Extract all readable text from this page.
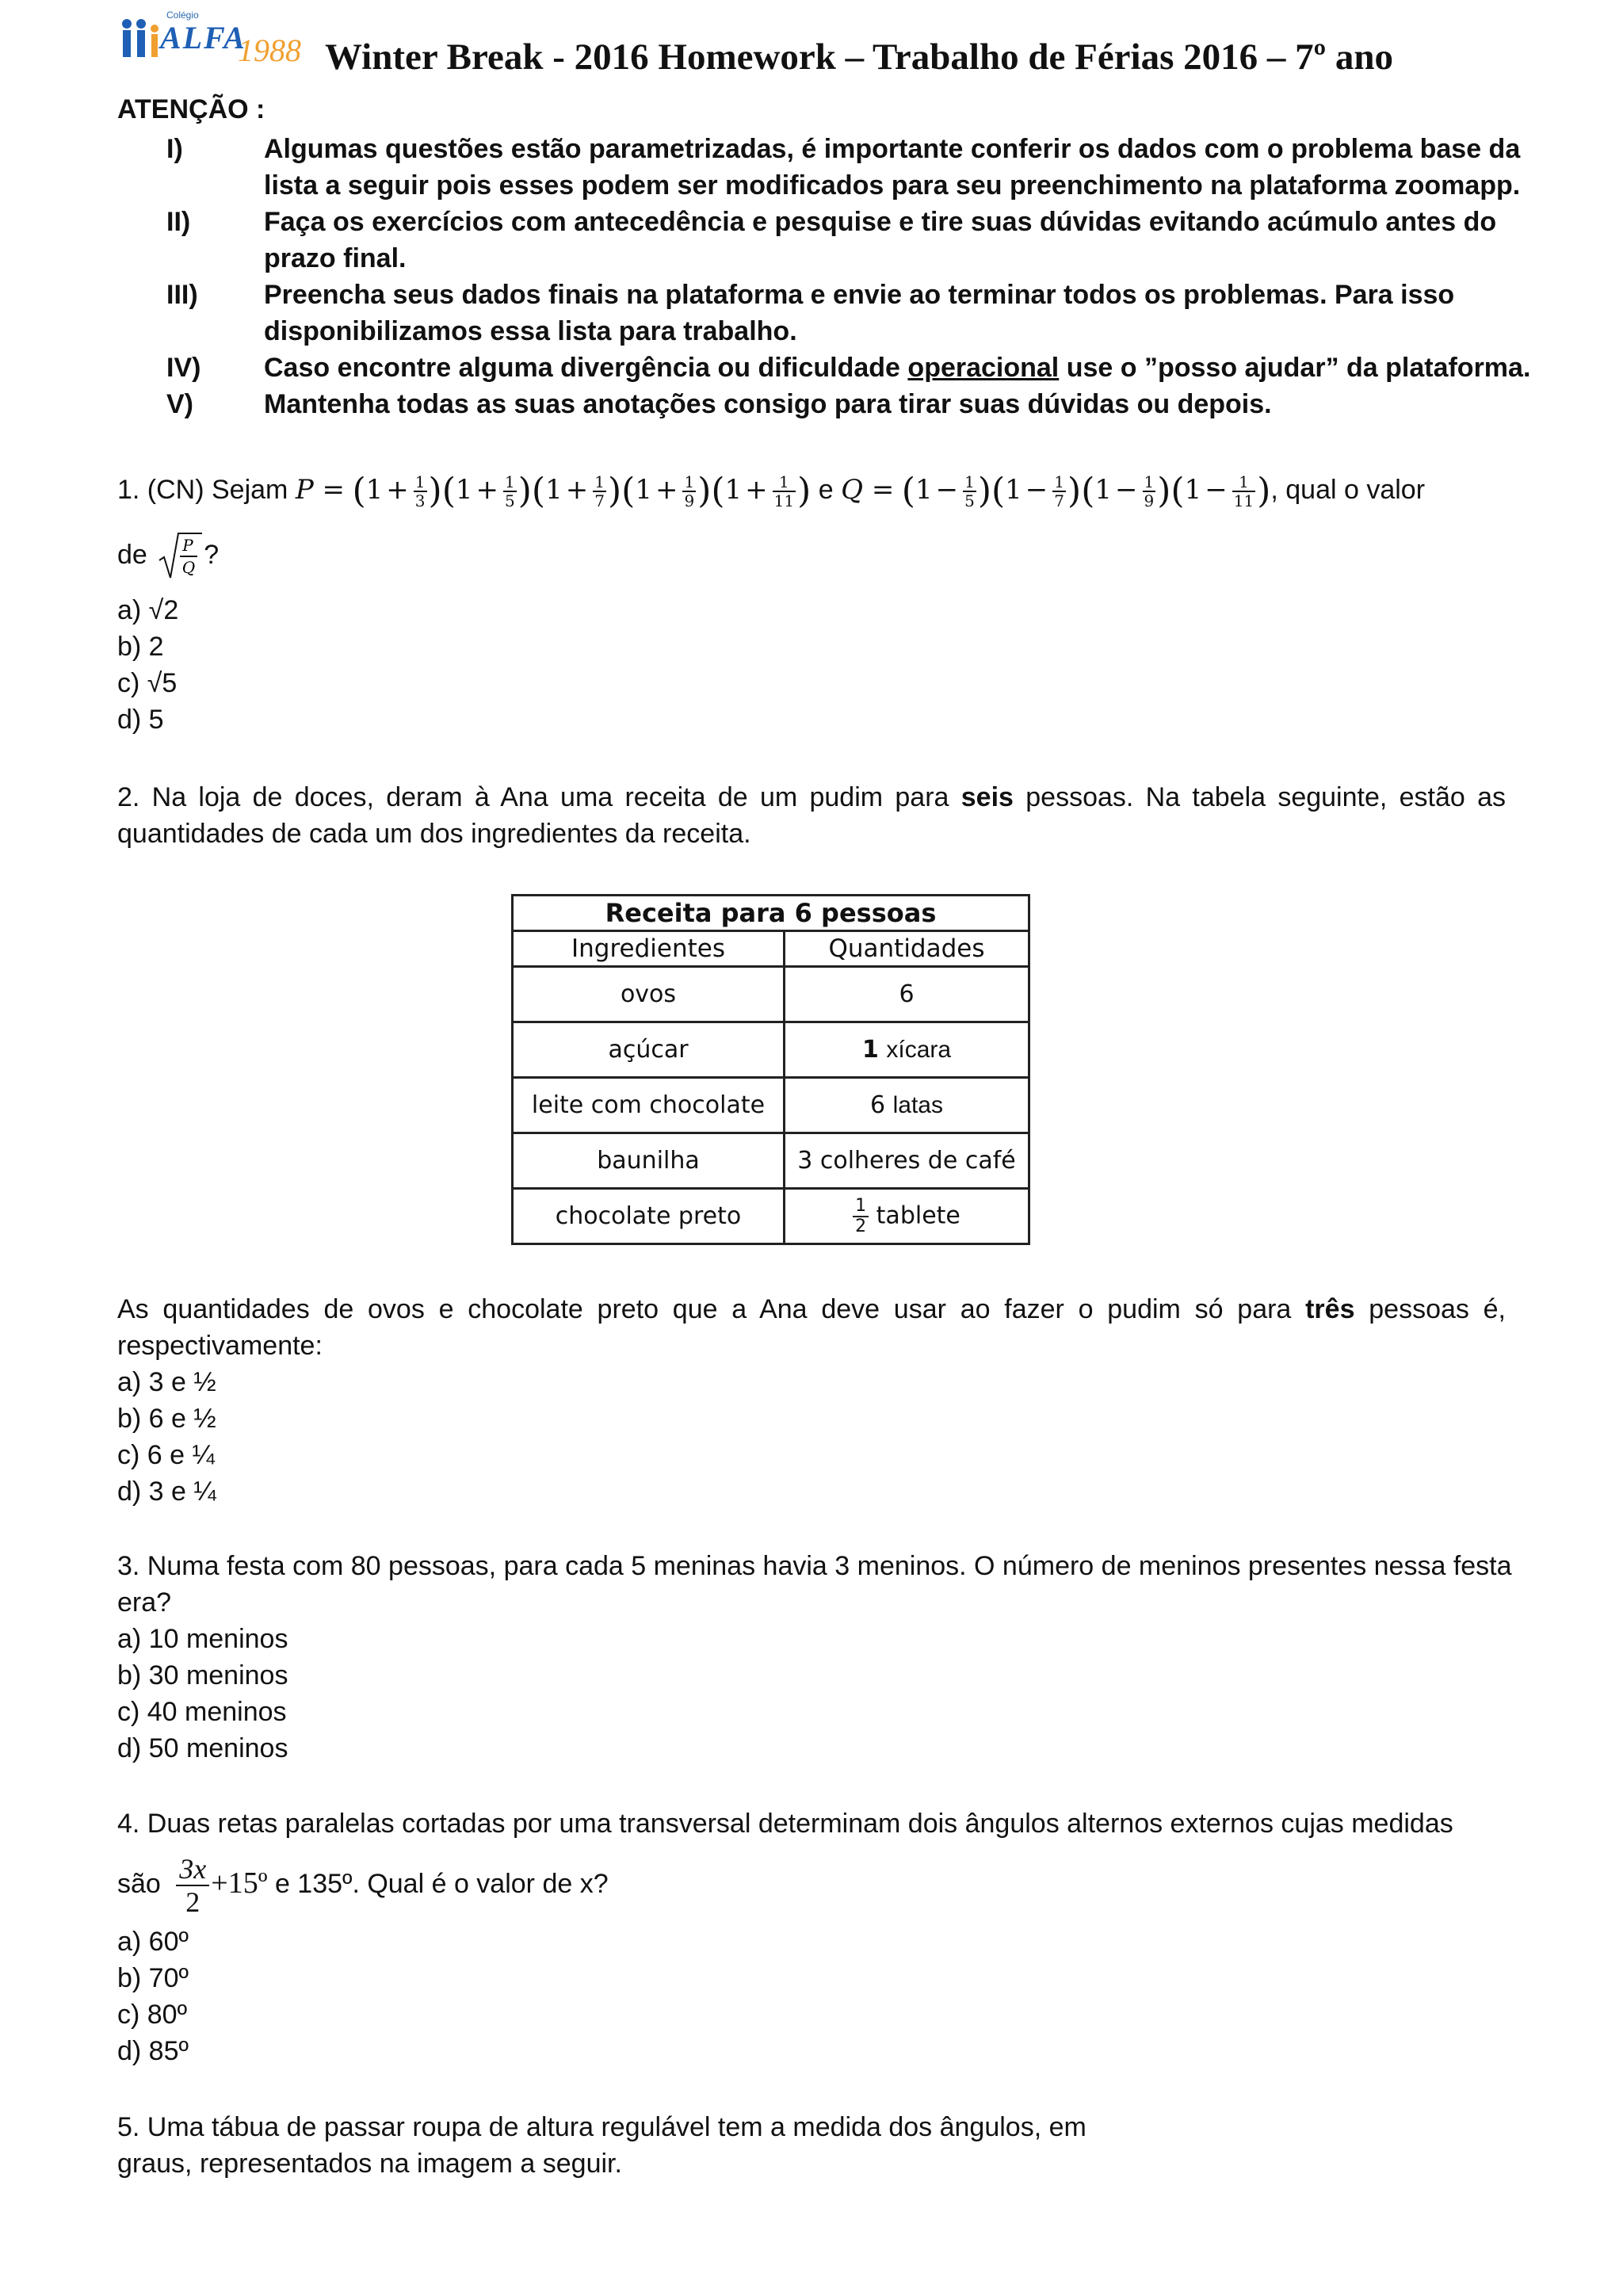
Colégio
ALFA
1988 Winter Break - 2016 Homework – Trabalho de Férias 2016 – 7º ano
ATENÇÃO :
I)	Algumas questões estão parametrizadas, é importante conferir os dados com o problema base da
lista a seguir pois esses podem ser modificados para seu preenchimento na plataforma zoomapp.
II)	Faça os exercícios com antecedência e pesquise e tire suas dúvidas evitando acúmulo antes do
prazo final.
III) Preencha seus dados finais na plataforma e envie ao terminar todos os problemas. Para isso
disponibilizamos essa lista para trabalho.
IV) Caso encontre alguma divergência ou dificuldade operacional use o ”posso ajudar” da plataforma.
V)	Mantenha todas as suas anotações consigo para tirar suas dúvidas ou depois.
1. (CN) Sejam $P = (1 + \frac{1}{3} )(1 + \frac{1}{5} )(1 + \frac{1}{7} )(1 + \frac{1}{9} )(1 + \frac{1}{11}$ ) e $Q = (1 - \frac{1}{5} )(1 - \frac{1}{7} )(1 - \frac{1}{9} )(1 - \frac{1}{11}$ ), qual o valor
de P
Q ?
a) √2
b) 2
c) √5
d) 5
2. Na loja de doces, deram à Ana uma receita de um pudim para seis pessoas. Na tabela seguinte, estão as
quantidades de cada um dos ingredientes da receita.
Receita para 6 pessoas	
Ingredientes	Quantidades
ovos	6
açúcar	1 xícara
leite com chocolate	6 latas
baunilha	3 colheres de café
chocolate preto	$\frac{1}{2}$ tablete
As quantidades de ovos e chocolate preto que a Ana deve usar ao fazer o pudim só para três pessoas é,
respectivamente:
a) 3 e ½
b) 6 e ½
c) 6 e ¼
d) 3 e ¼
3. Numa festa com 80 pessoas, para cada 5 meninas havia 3 meninos. O número de meninos presentes nessa festa
era?
a) 10 meninos
b) 30 meninos
c) 40 meninos
d) 50 meninos
4. Duas retas paralelas cortadas por uma transversal determinam dois ângulos alternos externos cujas medidas
são $\frac{3x}{2}$ +15º e 135º. Qual é o valor de x?
a) 60º
b) 70º
c) 80º
d) 85º
5. Uma tábua de passar roupa de altura regulável tem a medida dos ângulos, em
graus, representados na imagem a seguir.
